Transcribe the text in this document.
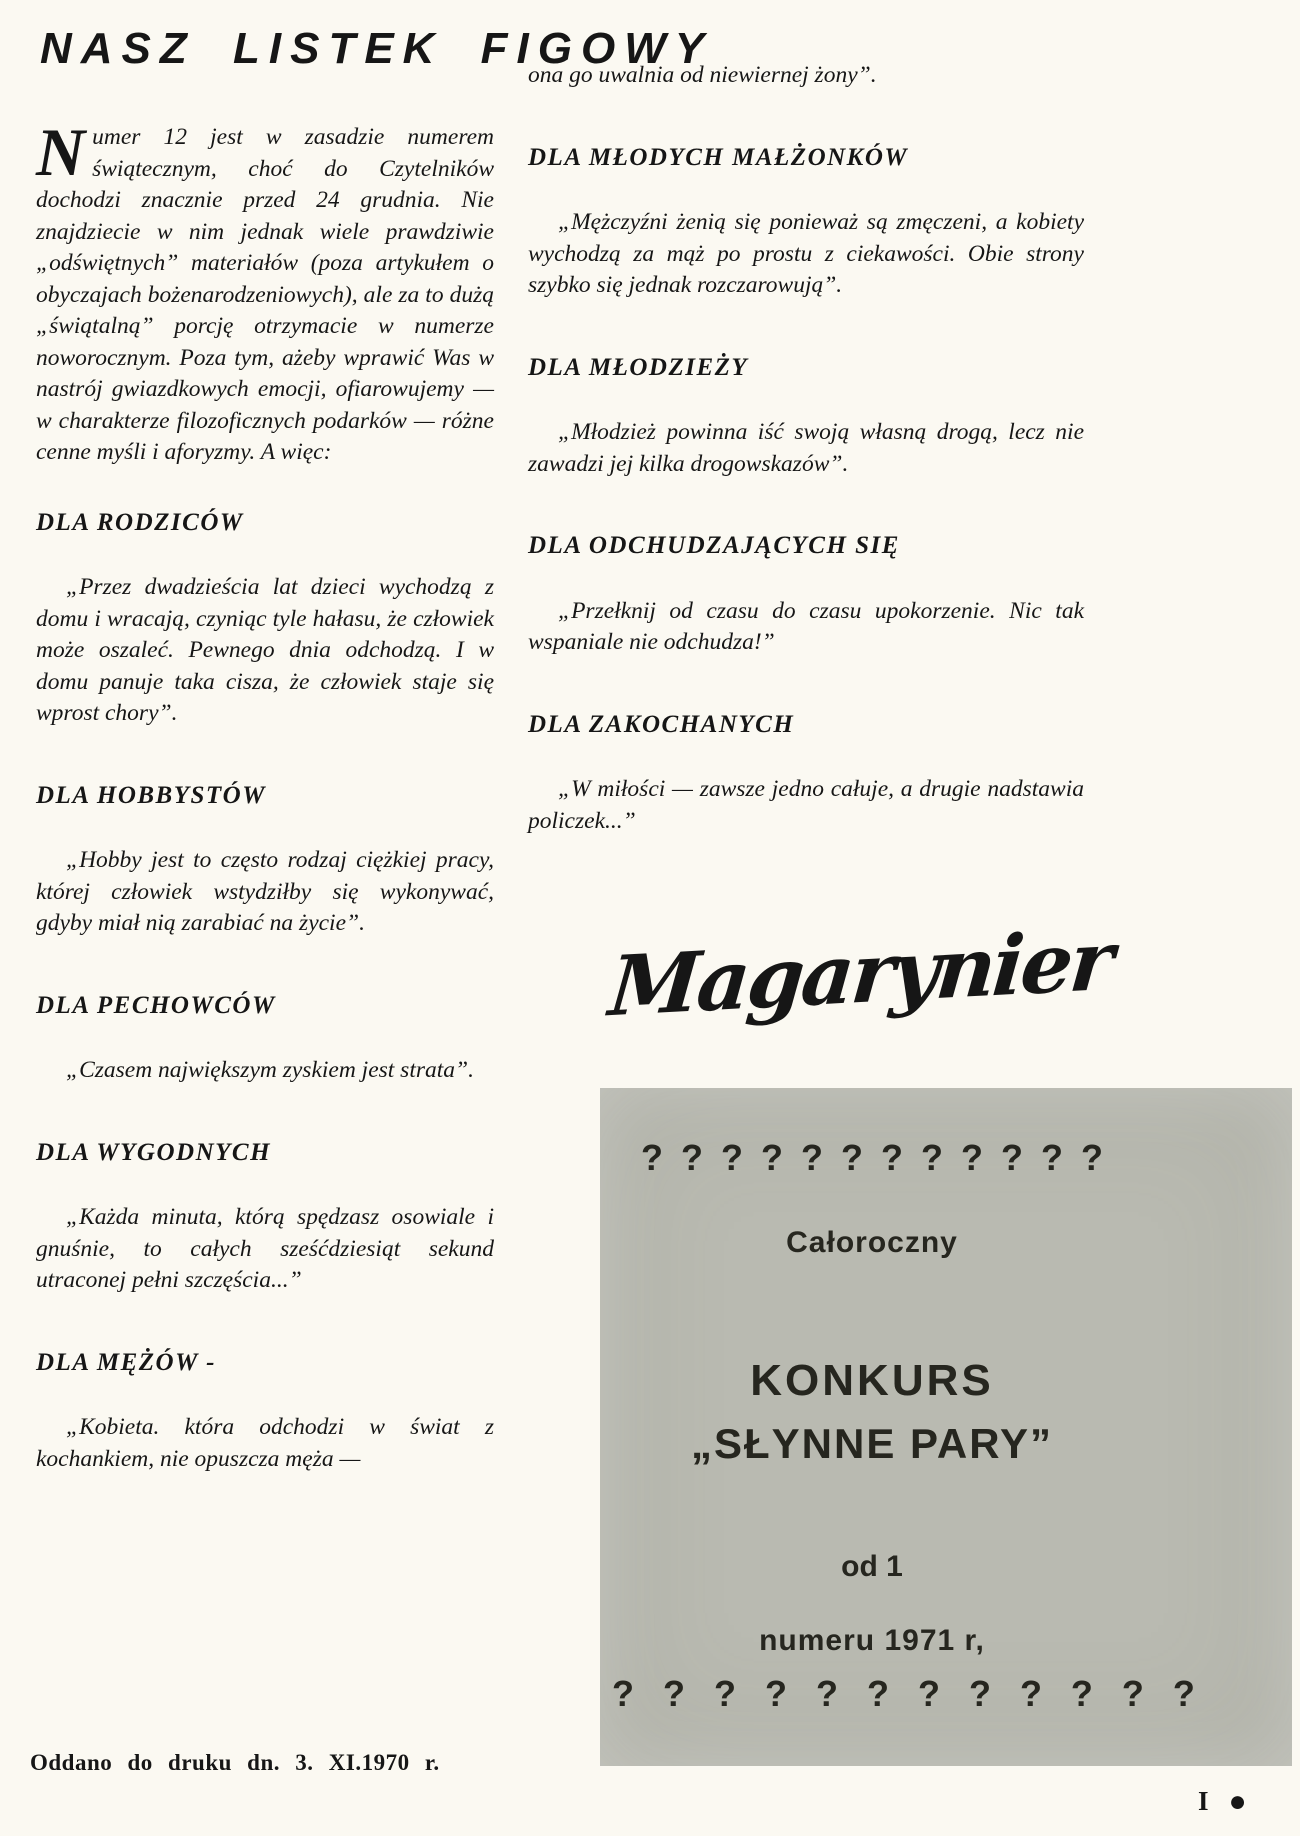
NASZ LISTEK FIGOWY

Numer 12 jest w zasadzie numerem świątecznym, choć do Czytelników dochodzi znacznie przed 24 grudnia. Nie znajdziecie w nim jednak wiele prawdziwie „odświętnych” materiałów (poza artykułem o obyczajach bożenarodzeniowych), ale za to dużą „świątalną” porcję otrzymacie w numerze noworocznym. Poza tym, ażeby wprawić Was w nastrój gwiazdkowych emocji, ofiarowujemy — w charakterze filozoficznych podarków — różne cenne myśli i aforyzmy. A więc:

DLA RODZICÓW

„Przez dwadzieścia lat dzieci wychodzą z domu i wracają, czyniąc tyle hałasu, że człowiek może oszaleć. Pewnego dnia odchodzą. I w domu panuje taka cisza, że człowiek staje się wprost chory”.

DLA HOBBYSTÓW

„Hobby jest to często rodzaj ciężkiej pracy, której człowiek wstydziłby się wykonywać, gdyby miał nią zarabiać na życie”.

DLA PECHOWCÓW

„Czasem największym zyskiem jest strata”.

DLA WYGODNYCH

„Każda minuta, którą spędzasz osowiale i gnuśnie, to całych sześćdziesiąt sekund utraconej pełni szczęścia...”

DLA MĘŻÓW -

„Kobieta. która odchodzi w świat z kochankiem, nie opuszcza męża —

ona go uwalnia od niewiernej żony”.

DLA MŁODYCH MAŁŻONKÓW

„Mężczyźni żenią się ponieważ są zmęczeni, a kobiety wychodzą za mąż po prostu z ciekawości. Obie strony szybko się jednak rozczarowują”.

DLA MŁODZIEŻY

„Młodzież powinna iść swoją własną drogą, lecz nie zawadzi jej kilka drogowskazów”.

DLA ODCHUDZAJĄCYCH SIĘ

„Przełknij od czasu do czasu upokorzenie. Nic tak wspaniale nie odchudza!”

DLA ZAKOCHANYCH

„W miłości — zawsze jedno całuje, a drugie nadstawia policzek...”

Magarynier
? ? ? ? ? ? ? ? ? ? ? ?
Całoroczny
KONKURS
„SŁYNNE PARY”
od 1
numeru 1971 r,
? ? ? ? ? ? ? ? ? ? ? ?
Oddano do druku dn. 3. XI.1970 r.
I ●
